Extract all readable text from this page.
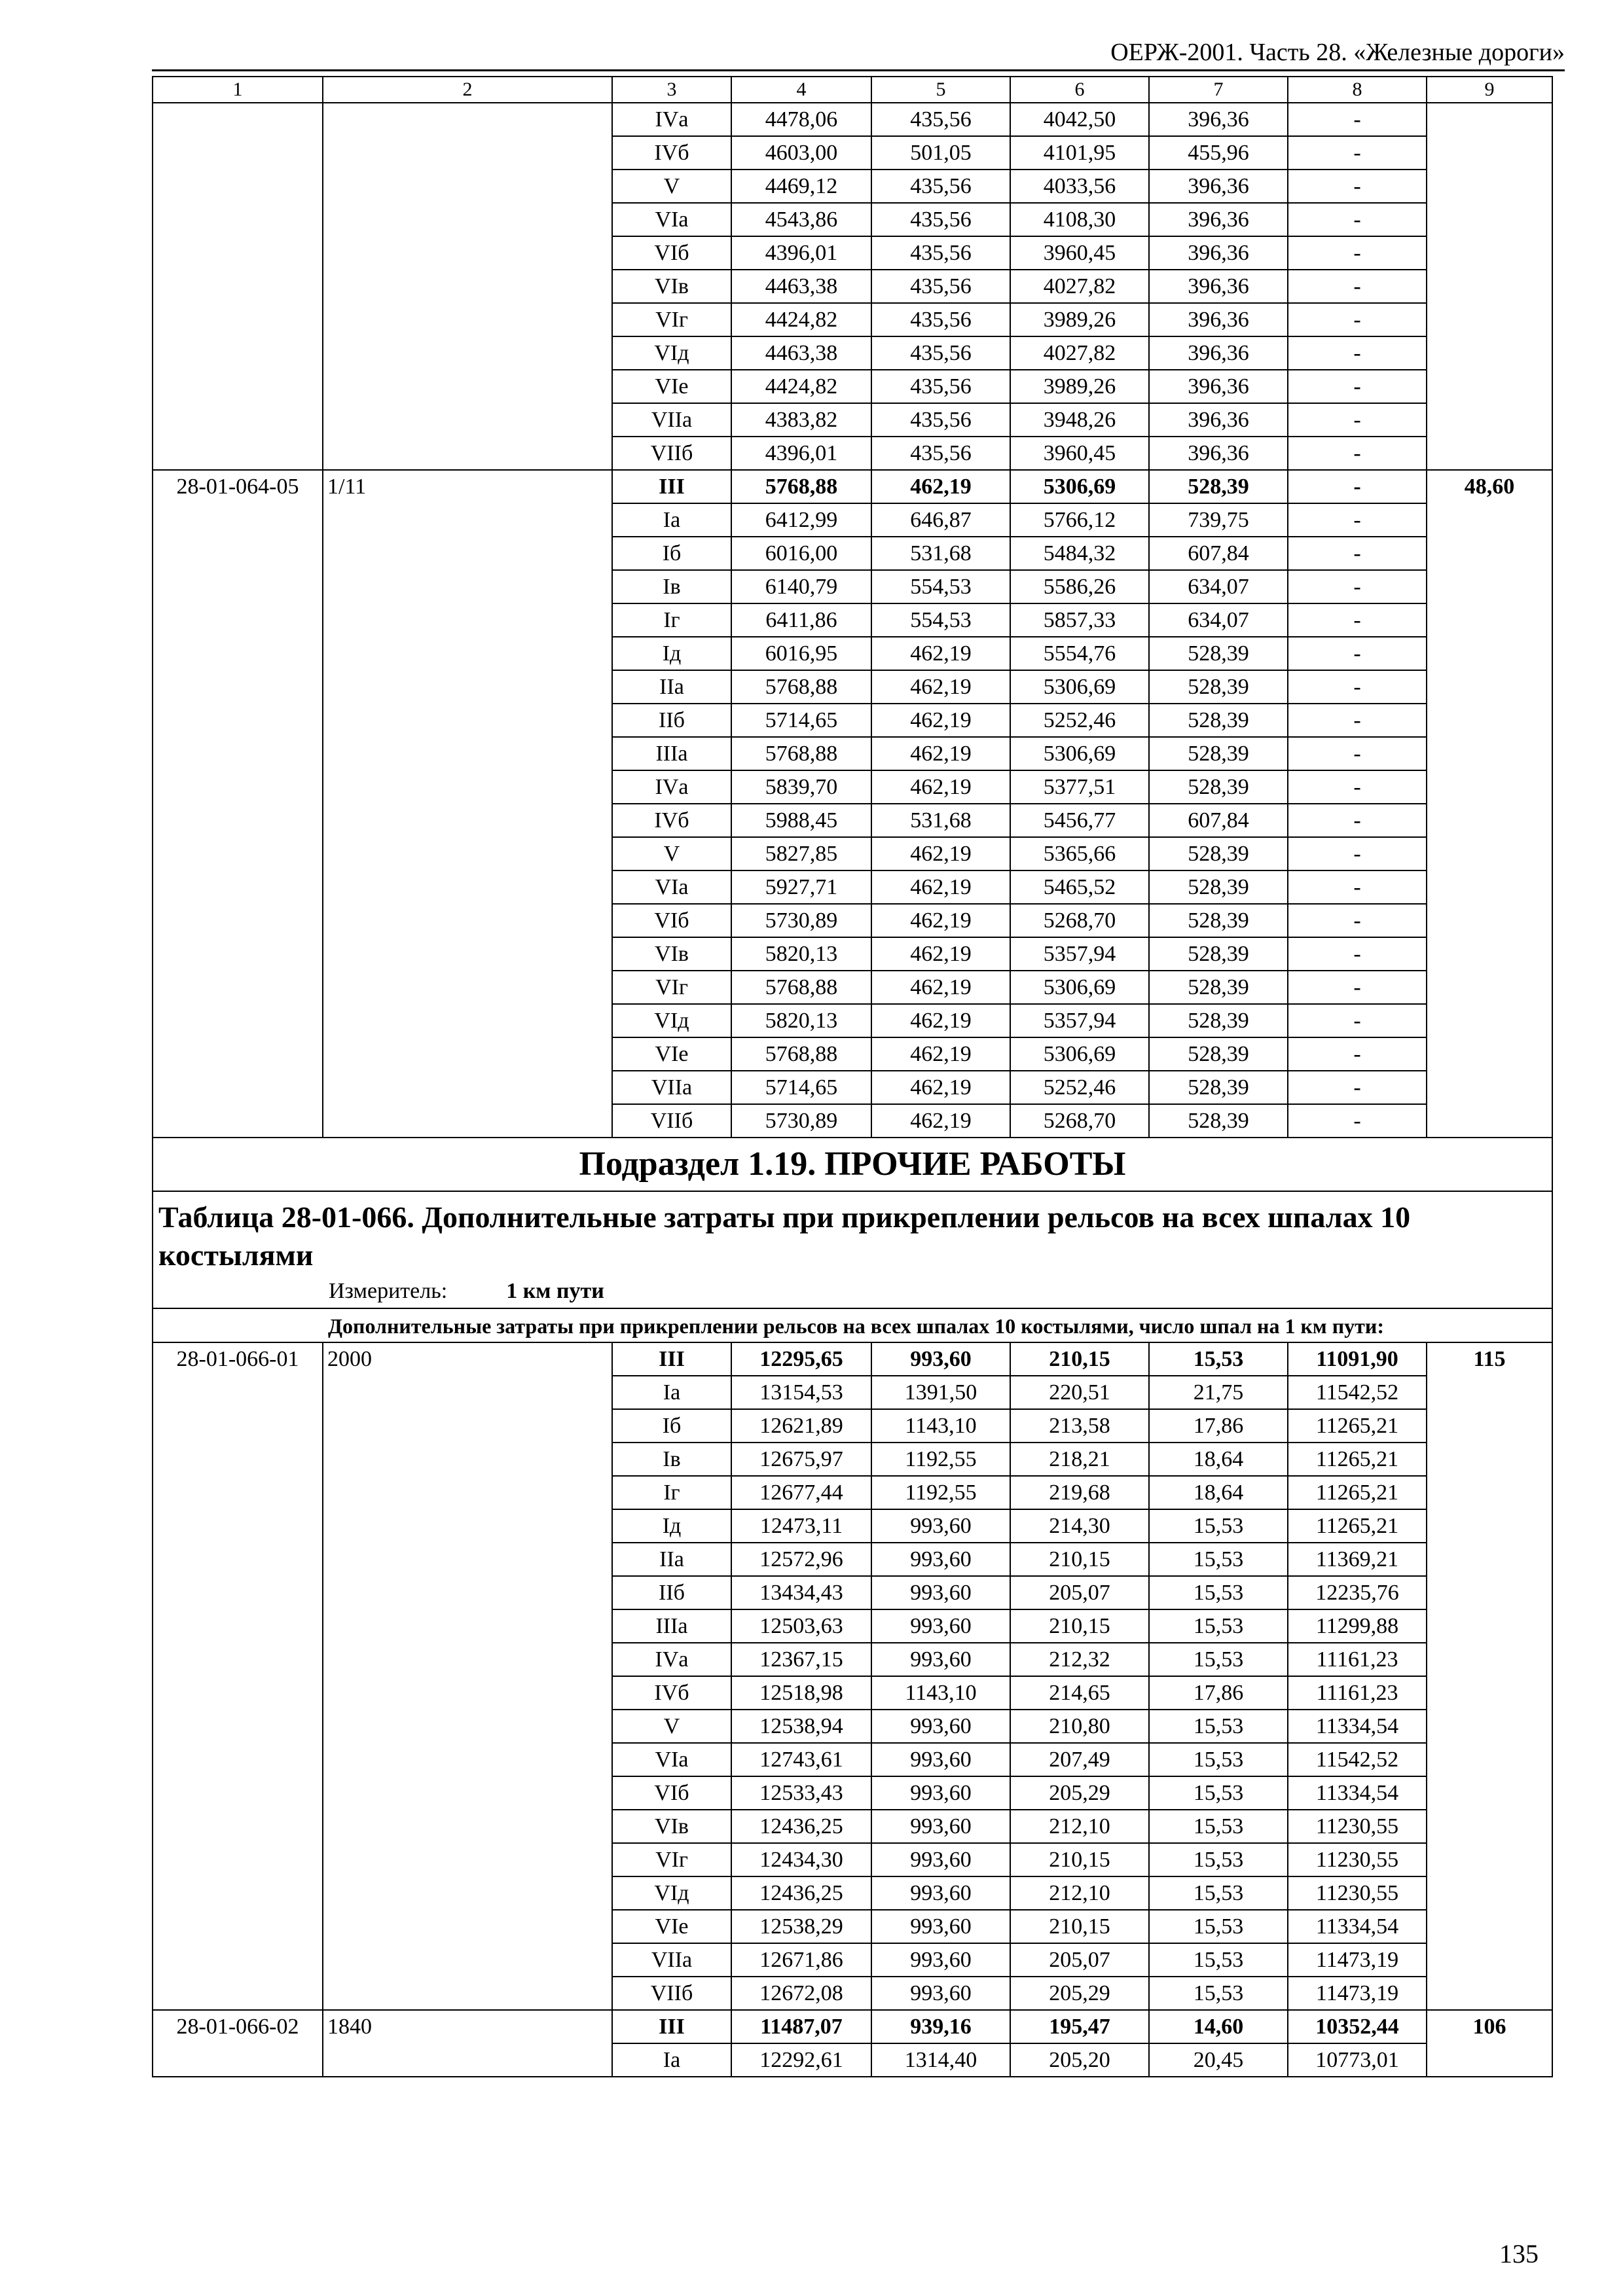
ОЕРЖ-2001. Часть 28. «Железные дороги»
1	2	3	4	5	6	7	8	9
		IVа	4478,06	435,56	4042,50	396,36	-	
		IVб	4603,00	501,05	4101,95	455,96	-	
		V	4469,12	435,56	4033,56	396,36	-	
		VIа	4543,86	435,56	4108,30	396,36	-	
		VIб	4396,01	435,56	3960,45	396,36	-	
		VIв	4463,38	435,56	4027,82	396,36	-	
		VIг	4424,82	435,56	3989,26	396,36	-	
		VIд	4463,38	435,56	4027,82	396,36	-	
		VIе	4424,82	435,56	3989,26	396,36	-	
		VIIа	4383,82	435,56	3948,26	396,36	-	
		VIIб	4396,01	435,56	3960,45	396,36	-	
28-01-064-05	1/11	III	5768,88	462,19	5306,69	528,39	-	48,60
		Iа	6412,99	646,87	5766,12	739,75	-	
		Iб	6016,00	531,68	5484,32	607,84	-	
		Iв	6140,79	554,53	5586,26	634,07	-	
		Iг	6411,86	554,53	5857,33	634,07	-	
		Iд	6016,95	462,19	5554,76	528,39	-	
		IIа	5768,88	462,19	5306,69	528,39	-	
		IIб	5714,65	462,19	5252,46	528,39	-	
		IIIа	5768,88	462,19	5306,69	528,39	-	
		IVа	5839,70	462,19	5377,51	528,39	-	
		IVб	5988,45	531,68	5456,77	607,84	-	
		V	5827,85	462,19	5365,66	528,39	-	
		VIа	5927,71	462,19	5465,52	528,39	-	
		VIб	5730,89	462,19	5268,70	528,39	-	
		VIв	5820,13	462,19	5357,94	528,39	-	
		VIг	5768,88	462,19	5306,69	528,39	-	
		VIд	5820,13	462,19	5357,94	528,39	-	
		VIе	5768,88	462,19	5306,69	528,39	-	
		VIIа	5714,65	462,19	5252,46	528,39	-	
		VIIб	5730,89	462,19	5268,70	528,39	-	
Подраздел 1.19. ПРОЧИЕ РАБОТЫ								
Таблица 28-01-066. Дополнительные затраты при прикреплении рельсов на всех шпалах 10 костылями								
Измеритель: 1 км пути								
	Дополнительные затраты при прикреплении рельсов на всех шпалах 10 костылями, число шпал на 1 км пути:							
28-01-066-01	2000	III	12295,65	993,60	210,15	15,53	11091,90	115
		Iа	13154,53	1391,50	220,51	21,75	11542,52	
		Iб	12621,89	1143,10	213,58	17,86	11265,21	
		Iв	12675,97	1192,55	218,21	18,64	11265,21	
		Iг	12677,44	1192,55	219,68	18,64	11265,21	
		Iд	12473,11	993,60	214,30	15,53	11265,21	
		IIа	12572,96	993,60	210,15	15,53	11369,21	
		IIб	13434,43	993,60	205,07	15,53	12235,76	
		IIIа	12503,63	993,60	210,15	15,53	11299,88	
		IVа	12367,15	993,60	212,32	15,53	11161,23	
		IVб	12518,98	1143,10	214,65	17,86	11161,23	
		V	12538,94	993,60	210,80	15,53	11334,54	
		VIа	12743,61	993,60	207,49	15,53	11542,52	
		VIб	12533,43	993,60	205,29	15,53	11334,54	
		VIв	12436,25	993,60	212,10	15,53	11230,55	
		VIг	12434,30	993,60	210,15	15,53	11230,55	
		VIд	12436,25	993,60	212,10	15,53	11230,55	
		VIе	12538,29	993,60	210,15	15,53	11334,54	
		VIIа	12671,86	993,60	205,07	15,53	11473,19	
		VIIб	12672,08	993,60	205,29	15,53	11473,19	
28-01-066-02	1840	III	11487,07	939,16	195,47	14,60	10352,44	106
		Iа	12292,61	1314,40	205,20	20,45	10773,01	
135
